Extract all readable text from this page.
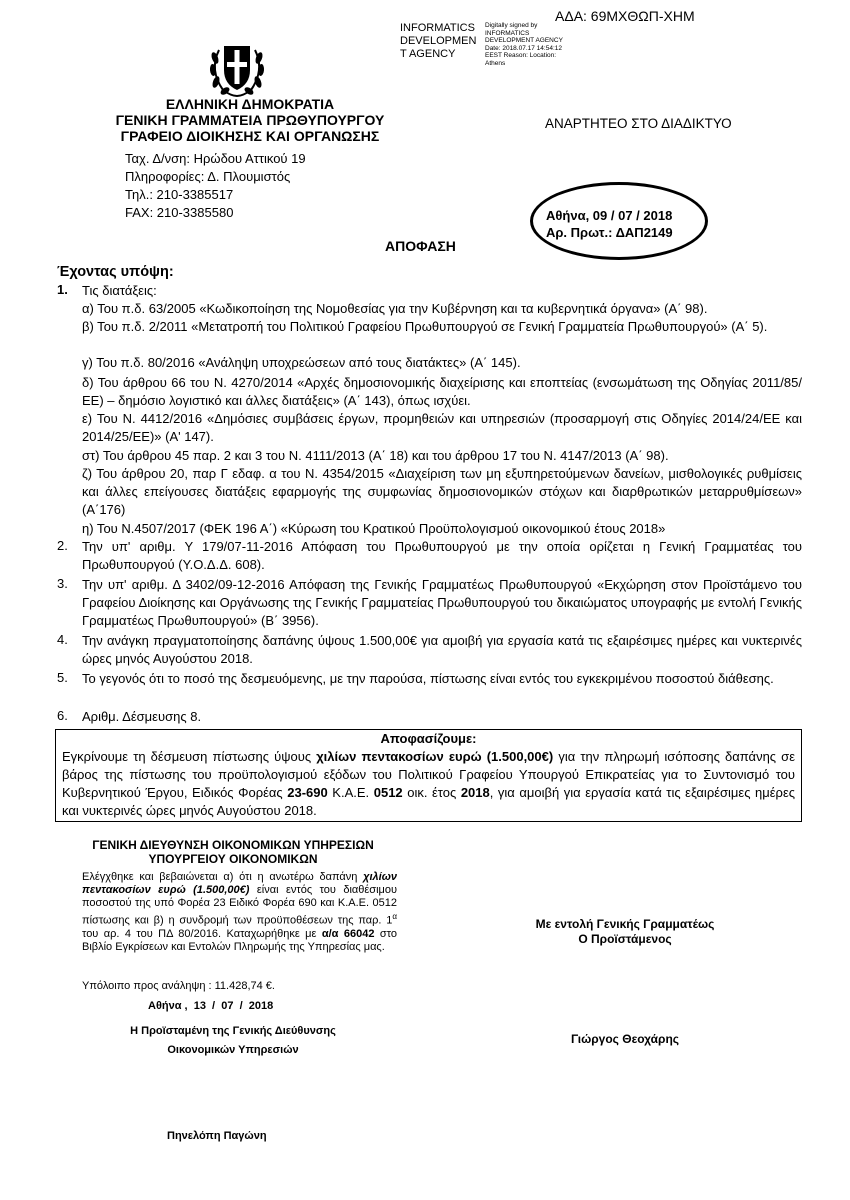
ΑΔΑ: 69ΜΧΘΩΠ-ΧΗΜ
INFORMATICS DEVELOPMEN T AGENCY
Digitally signed by INFORMATICS DEVELOPMENT AGENCY Date: 2018.07.17 14:54:12 EEST Reason: Location: Athens
ΕΛΛΗΝΙΚΗ ΔΗΜΟΚΡΑΤΙΑ
ΓΕΝΙΚΗ ΓΡΑΜΜΑΤΕΙΑ ΠΡΩΘΥΠΟΥΡΓΟΥ
ΓΡΑΦΕΙΟ ΔΙΟΙΚΗΣΗΣ ΚΑΙ ΟΡΓΑΝΩΣΗΣ
Ταχ. Δ/νση: Ηρώδου Αττικού 19
Πληροφορίες: Δ. Πλουμιστός
Τηλ.: 210-3385517
FAX: 210-3385580
ΑΝΑΡΤΗΤΕΟ ΣΤΟ ΔΙΑΔΙΚΤΥΟ
Αθήνα, 09 / 07 / 2018
Αρ. Πρωτ.: ΔΑΠ2149
ΑΠΟΦΑΣΗ
Έχοντας υπόψη:
1.	Τις διατάξεις:
α) Του π.δ. 63/2005 «Κωδικοποίηση της Νομοθεσίας για την Κυβέρνηση και τα κυβερνητικά όργανα» (Α΄ 98).
β) Του π.δ. 2/2011 «Μετατροπή του Πολιτικού Γραφείου Πρωθυπουργού σε Γενική Γραμματεία Πρωθυπουργού» (Α΄ 5).
γ) Του π.δ. 80/2016 «Ανάληψη υποχρεώσεων από τους διατάκτες» (Α΄ 145).
δ) Του άρθρου 66 του Ν. 4270/2014 «Αρχές δημοσιονομικής διαχείρισης και εποπτείας (ενσωμάτωση της Οδηγίας 2011/85/ΕΕ) – δημόσιο λογιστικό και άλλες διατάξεις» (Α΄ 143), όπως ισχύει.
ε) Του Ν. 4412/2016 «Δημόσιες συμβάσεις έργων, προμηθειών και υπηρεσιών (προσαρμογή στις Οδηγίες 2014/24/ΕΕ και 2014/25/ΕΕ)» (Α' 147).
στ) Του άρθρου 45 παρ. 2 και 3 του Ν. 4111/2013 (Α΄ 18) και του άρθρου 17 του Ν. 4147/2013 (Α΄ 98).
ζ) Του άρθρου 20, παρ Γ εδαφ. α του Ν. 4354/2015 «Διαχείριση των μη εξυπηρετούμενων δανείων, μισθολογικές ρυθμίσεις και άλλες επείγουσες διατάξεις εφαρμογής της συμφωνίας δημοσιονομικών στόχων και διαρθρωτικών μεταρρυθμίσεων» (Α΄176)
η) Του Ν.4507/2017 (ΦΕΚ 196 Α΄) «Κύρωση του Κρατικού Προϋπολογισμού οικονομικού έτους 2018»
2.	Την υπ' αριθμ. Υ 179/07-11-2016 Απόφαση του Πρωθυπουργού με την οποία ορίζεται η Γενική Γραμματέας του Πρωθυπουργού (Υ.Ο.Δ.Δ. 608).
3.	Την υπ' αριθμ. Δ 3402/09-12-2016 Απόφαση της Γενικής Γραμματέως Πρωθυπουργού «Εκχώρηση στον Προϊστάμενο του Γραφείου Διοίκησης και Οργάνωσης της Γενικής Γραμματείας Πρωθυπουργού του δικαιώματος υπογραφής με εντολή Γενικής Γραμματέως Πρωθυπουργού» (Β΄ 3956).
4.	Την ανάγκη πραγματοποίησης δαπάνης ύψους 1.500,00€ για αμοιβή για εργασία κατά τις εξαιρέσιμες ημέρες και νυκτερινές ώρες μηνός Αυγούστου 2018.
5.	Το γεγονός ότι το ποσό της δεσμευόμενης, με την παρούσα, πίστωσης είναι εντός του εγκεκριμένου ποσοστού διάθεσης.
6.	Αριθμ. Δέσμευσης 8.
Αποφασίζουμε:
Εγκρίνουμε τη δέσμευση πίστωσης ύψους χιλίων πεντακοσίων ευρώ (1.500,00€) για την πληρωμή ισόποσης δαπάνης σε βάρος της πίστωσης του προϋπολογισμού εξόδων του Πολιτικού Γραφείου Υπουργού Επικρατείας για το Συντονισμό του Κυβερνητικού Έργου, Ειδικός Φορέας 23-690 Κ.Α.Ε. 0512 οικ. έτος 2018, για αμοιβή για εργασία κατά τις εξαιρέσιμες ημέρες και νυκτερινές ώρες μηνός Αυγούστου 2018.
ΓΕΝΙΚΗ ΔΙΕΥΘΥΝΣΗ ΟΙΚΟΝΟΜΙΚΩΝ ΥΠΗΡΕΣΙΩΝ
ΥΠΟΥΡΓΕΙΟΥ ΟΙΚΟΝΟΜΙΚΩΝ
Ελέγχθηκε και βεβαιώνεται α) ότι η ανωτέρω δαπάνη χιλίων πεντακοσίων ευρώ (1.500,00€) είναι εντός του διαθέσιμου ποσοστού της υπό Φορέα 23 Ειδικό Φορέα 690 και Κ.Α.Ε. 0512 πίστωσης και β) η συνδρομή των προϋποθέσεων της παρ. $1^\alpha$ του αρ. 4 του ΠΔ 80/2016. Καταχωρήθηκε με α/α 66042 στο Βιβλίο Εγκρίσεων και Εντολών Πληρωμής της Υπηρεσίας μας.
Υπόλοιπο προς ανάληψη : 11.428,74 €.
Αθήνα ,  13  /  07  /  2018
Η Προϊσταμένη της Γενικής Διεύθυνσης
Οικονομικών Υπηρεσιών
Πηνελόπη Παγώνη
Με εντολή Γενικής Γραμματέως
Ο Προϊστάμενος
Γιώργος Θεοχάρης
